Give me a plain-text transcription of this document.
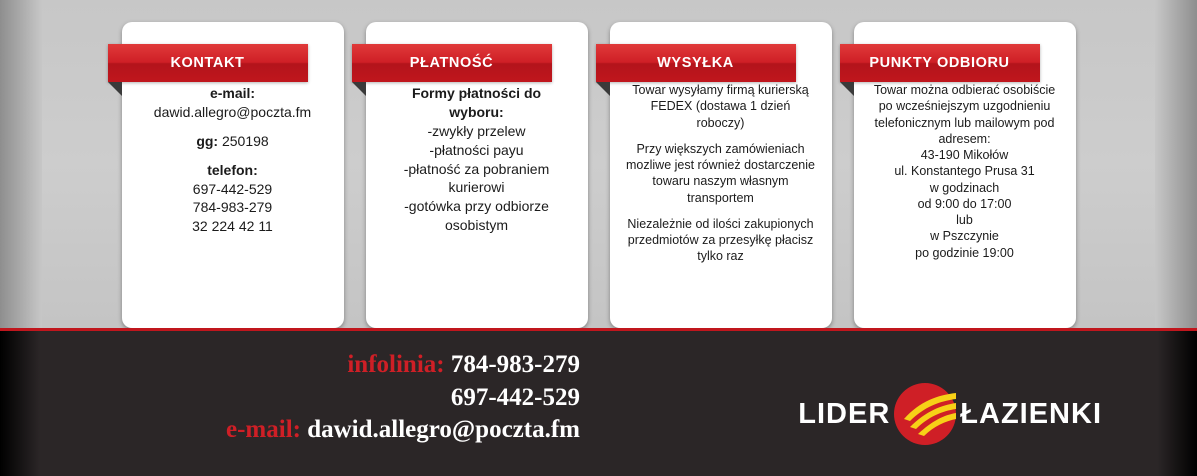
KONTAKT

e-mail:

dawid.allegro@poczta.fm

gg: 250198

telefon:

697-442-529

784-983-279

32 224 42 11

PŁATNOŚĆ

Formy płatności do

wyboru:

-zwykły przelew

-płatności payu

-płatność za pobraniem

kurierowi

-gotówka przy odbiorze

osobistym

WYSYŁKA

Towar wysyłamy firmą kurierską

FEDEX (dostawa 1 dzień

roboczy)

Przy większych zamówieniach

mozliwe jest również dostarczenie

towaru naszym własnym

transportem

Niezależnie od ilości zakupionych

przedmiotów za przesyłkę płacisz

tylko raz

PUNKTY ODBIORU

Towar można odbierać osobiście

po wcześniejszym uzgodnieniu

telefonicznym lub mailowym pod

adresem:

43-190 Mikołów

ul. Konstantego Prusa 31

w godzinach

od 9:00 do 17:00

lub

w Pszczynie

po godzinie 19:00

infolinia: 784-983-279
697-442-529
e-mail: dawid.allegro@poczta.fm	LIDER ŁAZIENKI
